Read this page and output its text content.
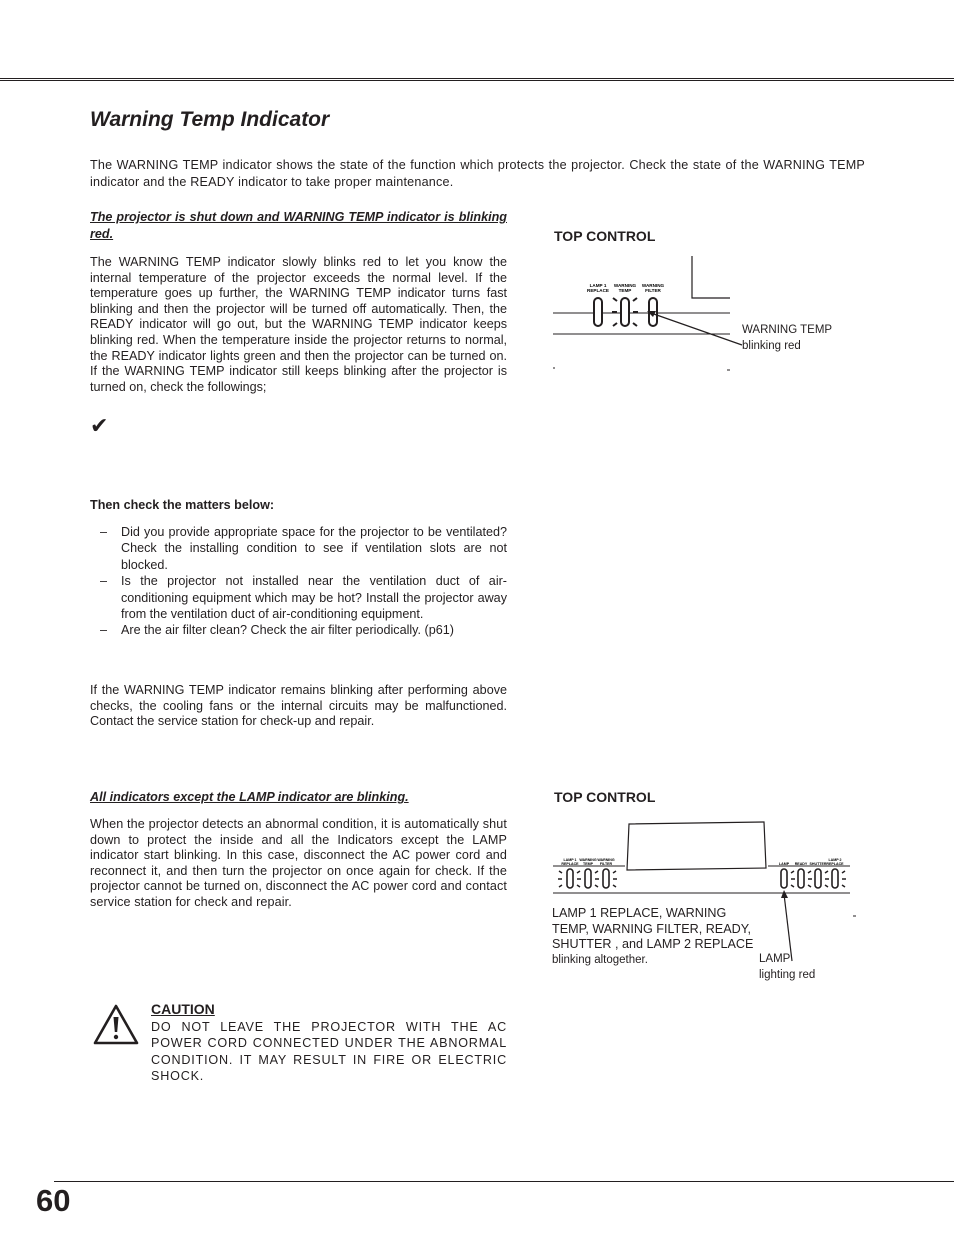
Warning Temp Indicator

The WARNING TEMP indicator shows the state of the function which protects the projector. Check the state of the WARNING TEMP indicator and the READY indicator to take proper maintenance.

The projector is shut down and WARNING TEMP indicator is blinking red.

The WARNING TEMP indicator slowly blinks red to let you know the internal temperature of the projector exceeds the normal level. If the temperature goes up further, the WARNING TEMP indicator turns fast blinking and then the projector will be turned off automatically. Then, the READY indicator will go out, but the WARNING TEMP indicator keeps blinking red. When the temperature inside the projector returns to normal, the READY indicator lights green and then the projector can be turned on. If the WARNING TEMP indicator still keeps blinking after the projector is turned on, check the followings;

✔

Then check the matters below:

– Did you provide appropriate space for the projector to be ventilated? Check the installing condition to see if ventilation slots are not blocked.
– Is the projector not installed near the ventilation duct of air-conditioning equipment which may be hot? Install the projector away from the ventilation duct of air-conditioning equipment.
– Are the air filter clean? Check the air filter periodically. (p61)

If the WARNING TEMP indicator remains blinking after performing above checks, the cooling fans or the internal circuits may be malfunctioned. Contact the service station for check-up and repair.

TOP CONTROL

LAMP 1
REPLACE
WARNING
TEMP
WARNING
FILTER
WARNING TEMP
blinking red

All indicators except the LAMP indicator are blinking.

When the projector detects an abnormal condition, it is automatically shut down to protect the inside and all the Indicators except the LAMP indicator start blinking. In this case, disconnect the AC power cord and reconnect it, and then turn the projector on once again for check. If the projector cannot be turned on, disconnect the AC power cord and contact service station for check and repair.

TOP CONTROL

LAMP 1
REPLACE
WARNING
TEMP
WARNING
FILTER	LAMP READY SHUTTER
LAMP 2
REPLACE
LAMP 1 REPLACE, WARNING
TEMP, WARNING FILTER, READY,
SHUTTER , and LAMP 2 REPLACE
blinking altogether.	LAMP
lighting red

CAUTION

DO NOT LEAVE THE PROJECTOR WITH THE AC POWER CORD CONNECTED UNDER THE ABNORMAL CONDITION. IT MAY RESULT IN FIRE OR ELECTRIC SHOCK.

60
